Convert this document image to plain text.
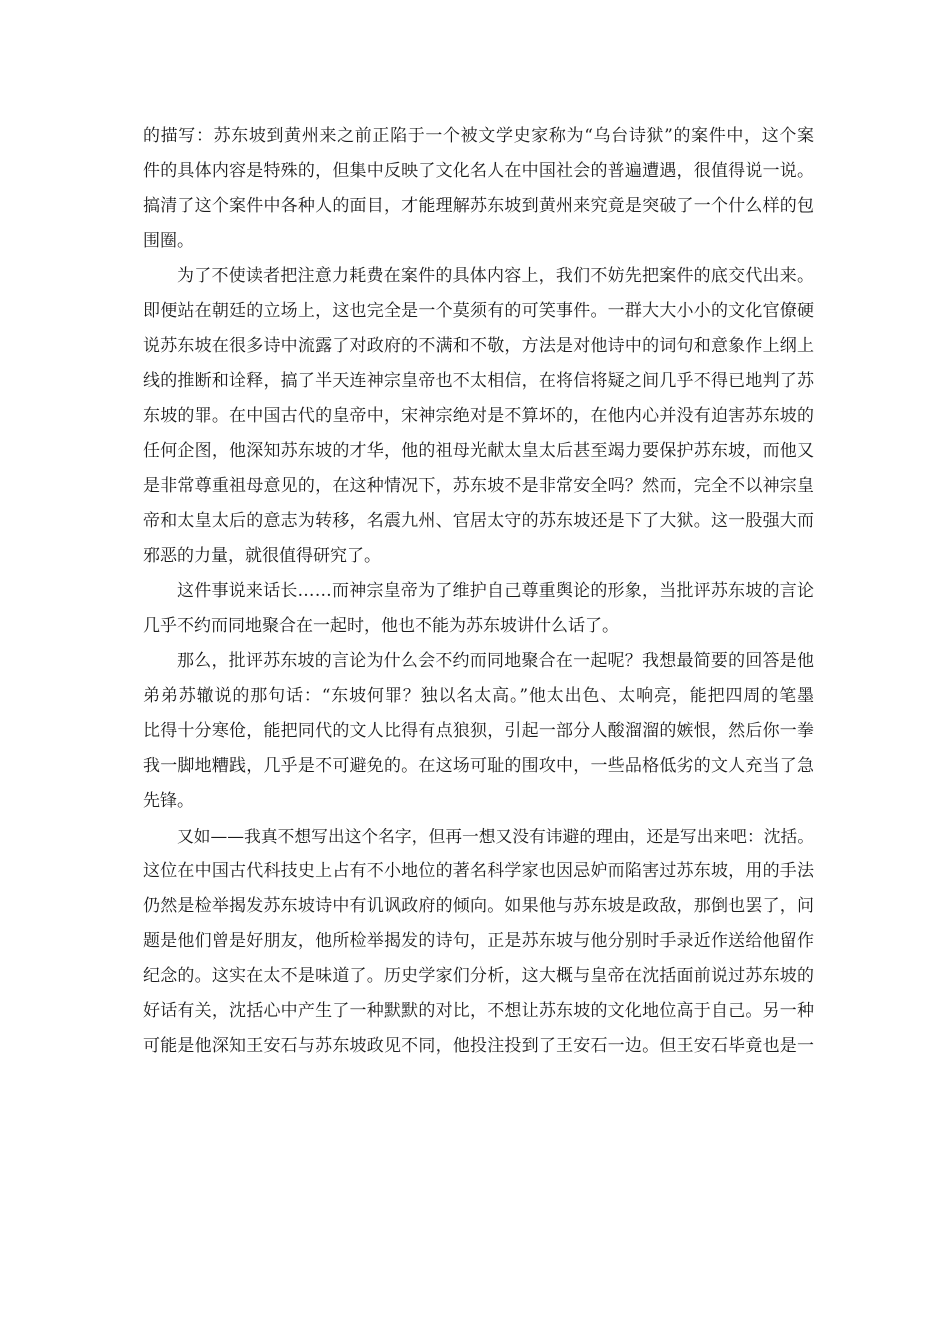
的描写：苏东坡到黄州来之前正陷于一个被文学史家称为“乌台诗狱”的案件中，这个案
件的具体内容是特殊的，但集中反映了文化名人在中国社会的普遍遭遇，很值得说一说。
搞清了这个案件中各种人的面目，才能理解苏东坡到黄州来究竟是突破了一个什么样的包
围圈。
为了不使读者把注意力耗费在案件的具体内容上，我们不妨先把案件的底交代出来。
即便站在朝廷的立场上，这也完全是一个莫须有的可笑事件。一群大大小小的文化官僚硬
说苏东坡在很多诗中流露了对政府的不满和不敬，方法是对他诗中的词句和意象作上纲上
线的推断和诠释，搞了半天连神宗皇帝也不太相信，在将信将疑之间几乎不得已地判了苏
东坡的罪。在中国古代的皇帝中，宋神宗绝对是不算坏的，在他内心并没有迫害苏东坡的
任何企图，他深知苏东坡的才华，他的祖母光献太皇太后甚至竭力要保护苏东坡，而他又
是非常尊重祖母意见的，在这种情况下，苏东坡不是非常安全吗？然而，完全不以神宗皇
帝和太皇太后的意志为转移，名震九州、官居太守的苏东坡还是下了大狱。这一股强大而
邪恶的力量，就很值得研究了。
这件事说来话长……而神宗皇帝为了维护自己尊重舆论的形象，当批评苏东坡的言论
几乎不约而同地聚合在一起时，他也不能为苏东坡讲什么话了。
那么，批评苏东坡的言论为什么会不约而同地聚合在一起呢？我想最简要的回答是他
弟弟苏辙说的那句话：“东坡何罪？独以名太高。”他太出色、太响亮，能把四周的笔墨
比得十分寒伧，能把同代的文人比得有点狼狈，引起一部分人酸溜溜的嫉恨，然后你一拳
我一脚地糟践，几乎是不可避免的。在这场可耻的围攻中，一些品格低劣的文人充当了急
先锋。
又如——我真不想写出这个名字，但再一想又没有讳避的理由，还是写出来吧：沈括。
这位在中国古代科技史上占有不小地位的著名科学家也因忌妒而陷害过苏东坡，用的手法
仍然是检举揭发苏东坡诗中有讥讽政府的倾向。如果他与苏东坡是政敌，那倒也罢了，问
题是他们曾是好朋友，他所检举揭发的诗句，正是苏东坡与他分别时手录近作送给他留作
纪念的。这实在太不是味道了。历史学家们分析，这大概与皇帝在沈括面前说过苏东坡的
好话有关，沈括心中产生了一种默默的对比，不想让苏东坡的文化地位高于自己。另一种
可能是他深知王安石与苏东坡政见不同，他投注投到了王安石一边。但王安石毕竟也是一
